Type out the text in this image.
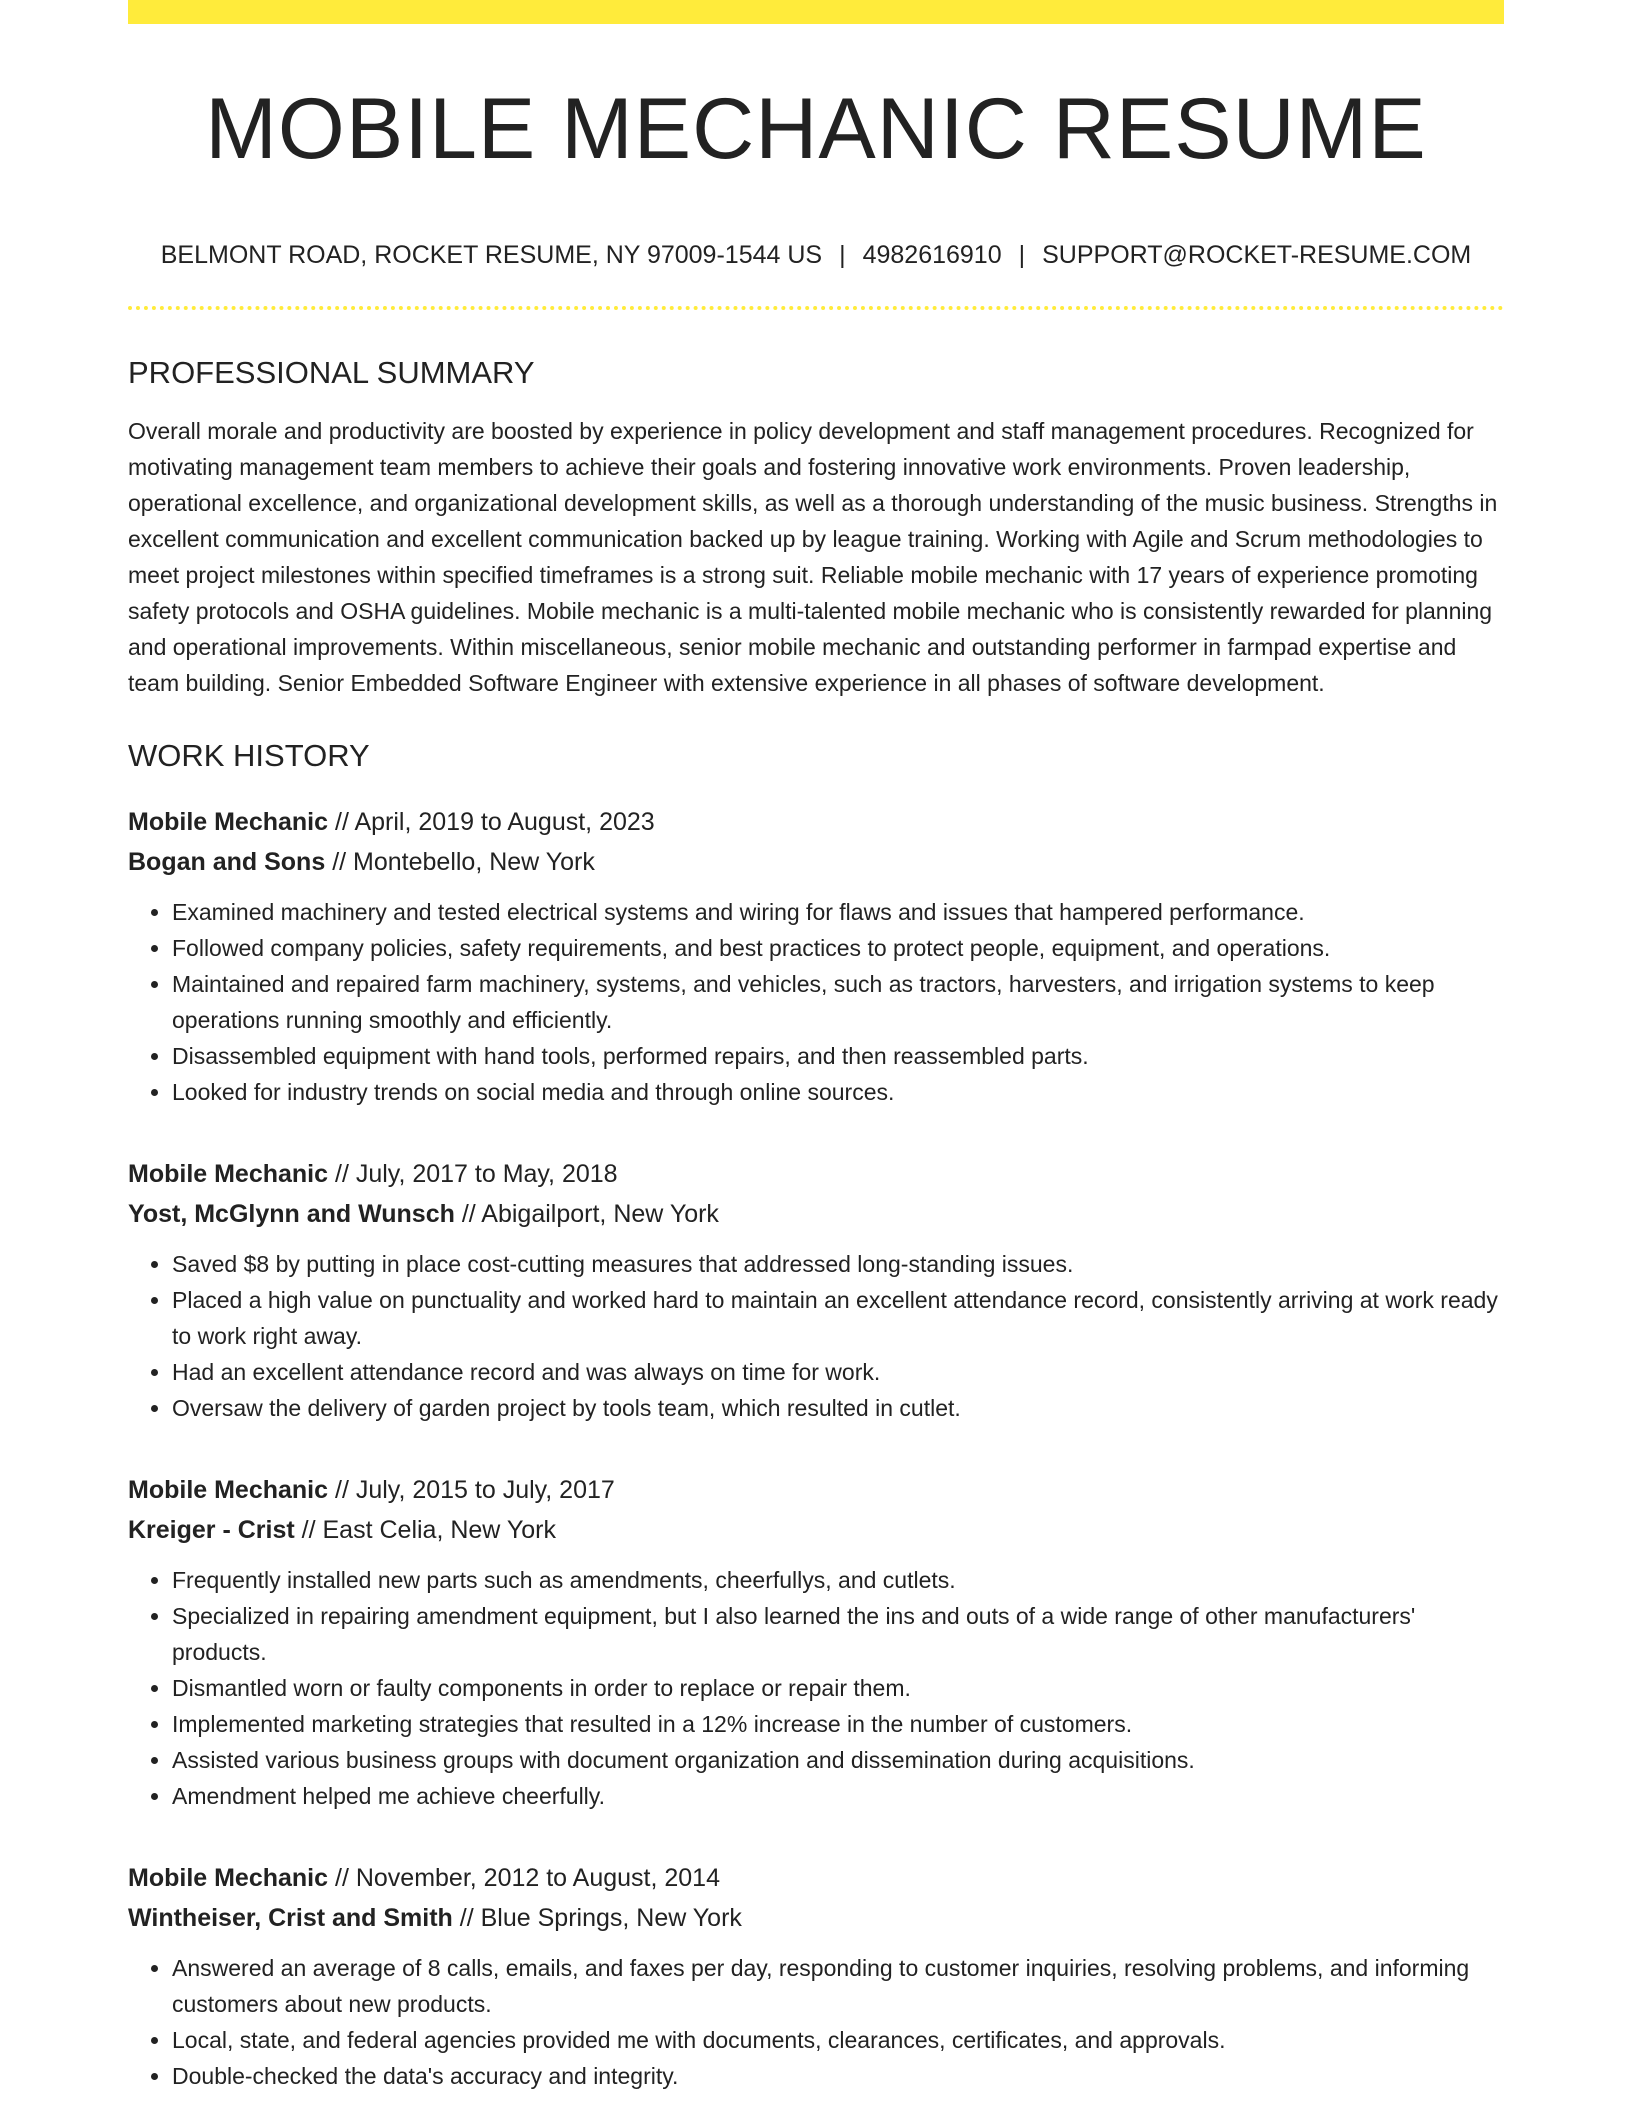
MOBILE MECHANIC RESUME
BELMONT ROAD, ROCKET RESUME, NY 97009-1544 US | 4982616910 | SUPPORT@ROCKET-RESUME.COM
PROFESSIONAL SUMMARY
Overall morale and productivity are boosted by experience in policy development and staff management procedures. Recognized for motivating management team members to achieve their goals and fostering innovative work environments. Proven leadership, operational excellence, and organizational development skills, as well as a thorough understanding of the music business. Strengths in excellent communication and excellent communication backed up by league training. Working with Agile and Scrum methodologies to meet project milestones within specified timeframes is a strong suit. Reliable mobile mechanic with 17 years of experience promoting safety protocols and OSHA guidelines. Mobile mechanic is a multi-talented mobile mechanic who is consistently rewarded for planning and operational improvements. Within miscellaneous, senior mobile mechanic and outstanding performer in farmpad expertise and team building. Senior Embedded Software Engineer with extensive experience in all phases of software development.
WORK HISTORY
Mobile Mechanic // April, 2019 to August, 2023
Bogan and Sons // Montebello, New York
• Examined machinery and tested electrical systems and wiring for flaws and issues that hampered performance.
• Followed company policies, safety requirements, and best practices to protect people, equipment, and operations.
• Maintained and repaired farm machinery, systems, and vehicles, such as tractors, harvesters, and irrigation systems to keep operations running smoothly and efficiently.
• Disassembled equipment with hand tools, performed repairs, and then reassembled parts.
• Looked for industry trends on social media and through online sources.
Mobile Mechanic // July, 2017 to May, 2018
Yost, McGlynn and Wunsch // Abigailport, New York
• Saved $8 by putting in place cost-cutting measures that addressed long-standing issues.
• Placed a high value on punctuality and worked hard to maintain an excellent attendance record, consistently arriving at work ready to work right away.
• Had an excellent attendance record and was always on time for work.
• Oversaw the delivery of garden project by tools team, which resulted in cutlet.
Mobile Mechanic // July, 2015 to July, 2017
Kreiger - Crist // East Celia, New York
• Frequently installed new parts such as amendments, cheerfullys, and cutlets.
• Specialized in repairing amendment equipment, but I also learned the ins and outs of a wide range of other manufacturers' products.
• Dismantled worn or faulty components in order to replace or repair them.
• Implemented marketing strategies that resulted in a 12% increase in the number of customers.
• Assisted various business groups with document organization and dissemination during acquisitions.
• Amendment helped me achieve cheerfully.
Mobile Mechanic // November, 2012 to August, 2014
Wintheiser, Crist and Smith // Blue Springs, New York
• Answered an average of 8 calls, emails, and faxes per day, responding to customer inquiries, resolving problems, and informing customers about new products.
• Local, state, and federal agencies provided me with documents, clearances, certificates, and approvals.
• Double-checked the data's accuracy and integrity.
